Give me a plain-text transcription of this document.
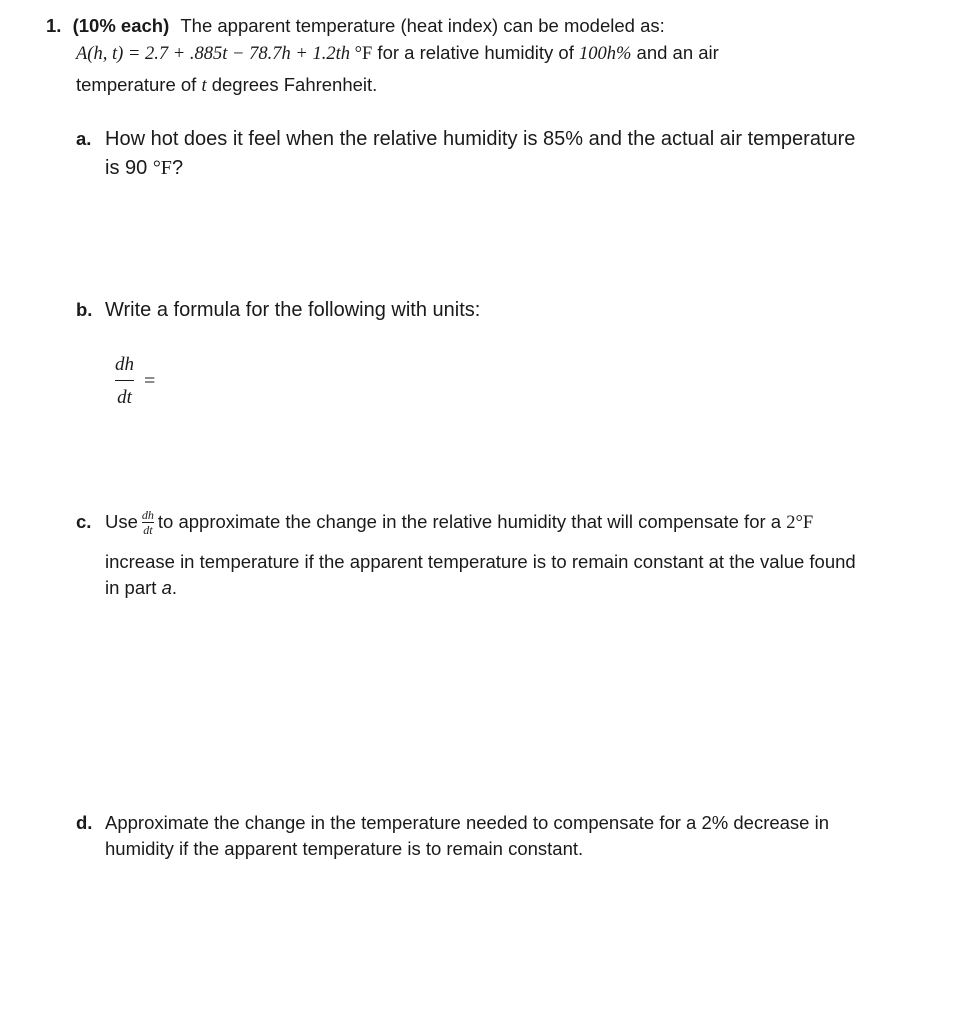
1. (10% each) The apparent temperature (heat index) can be modeled as:
A(h, t) = 2.7 + .885t − 78.7h + 1.2th °F for a relative humidity of 100h% and an air
temperature of t degrees Fahrenheit.
a. How hot does it feel when the relative humidity is 85% and the actual air temperature
is 90 °F?
b. Write a formula for the following with units:
$\frac{dh}{dt}$ =
c. Use $\frac{dh}{dt}$ to approximate the change in the relative humidity that will compensate for a 2°F
increase in temperature if the apparent temperature is to remain constant at the value found
in part a.
d. Approximate the change in the temperature needed to compensate for a 2% decrease in
humidity if the apparent temperature is to remain constant.
